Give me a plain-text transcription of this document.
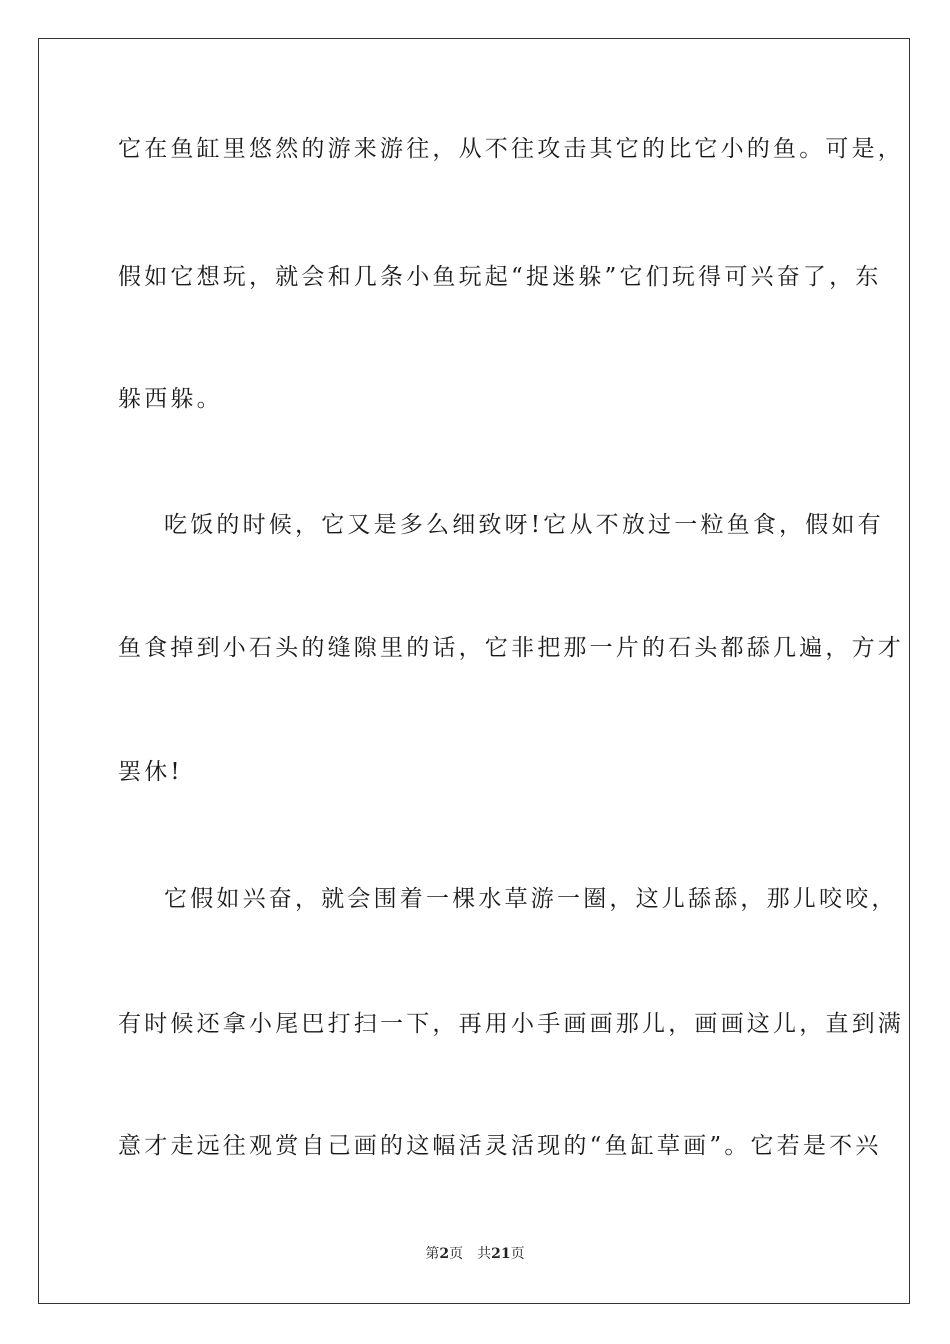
它在鱼缸里悠然的游来游往，从不往攻击其它的比它小的鱼。可是，
假如它想玩，就会和几条小鱼玩起“捉迷躲”它们玩得可兴奋了，东
躲西躲。
吃饭的时候，它又是多么细致呀!它从不放过一粒鱼食，假如有
鱼食掉到小石头的缝隙里的话，它非把那一片的石头都舔几遍，方才
罢休!
它假如兴奋，就会围着一棵水草游一圈，这儿舔舔，那儿咬咬，
有时候还拿小尾巴打扫一下，再用小手画画那儿，画画这儿，直到满
意才走远往观赏自己画的这幅活灵活现的“鱼缸草画”。它若是不兴
第2页 共21页
